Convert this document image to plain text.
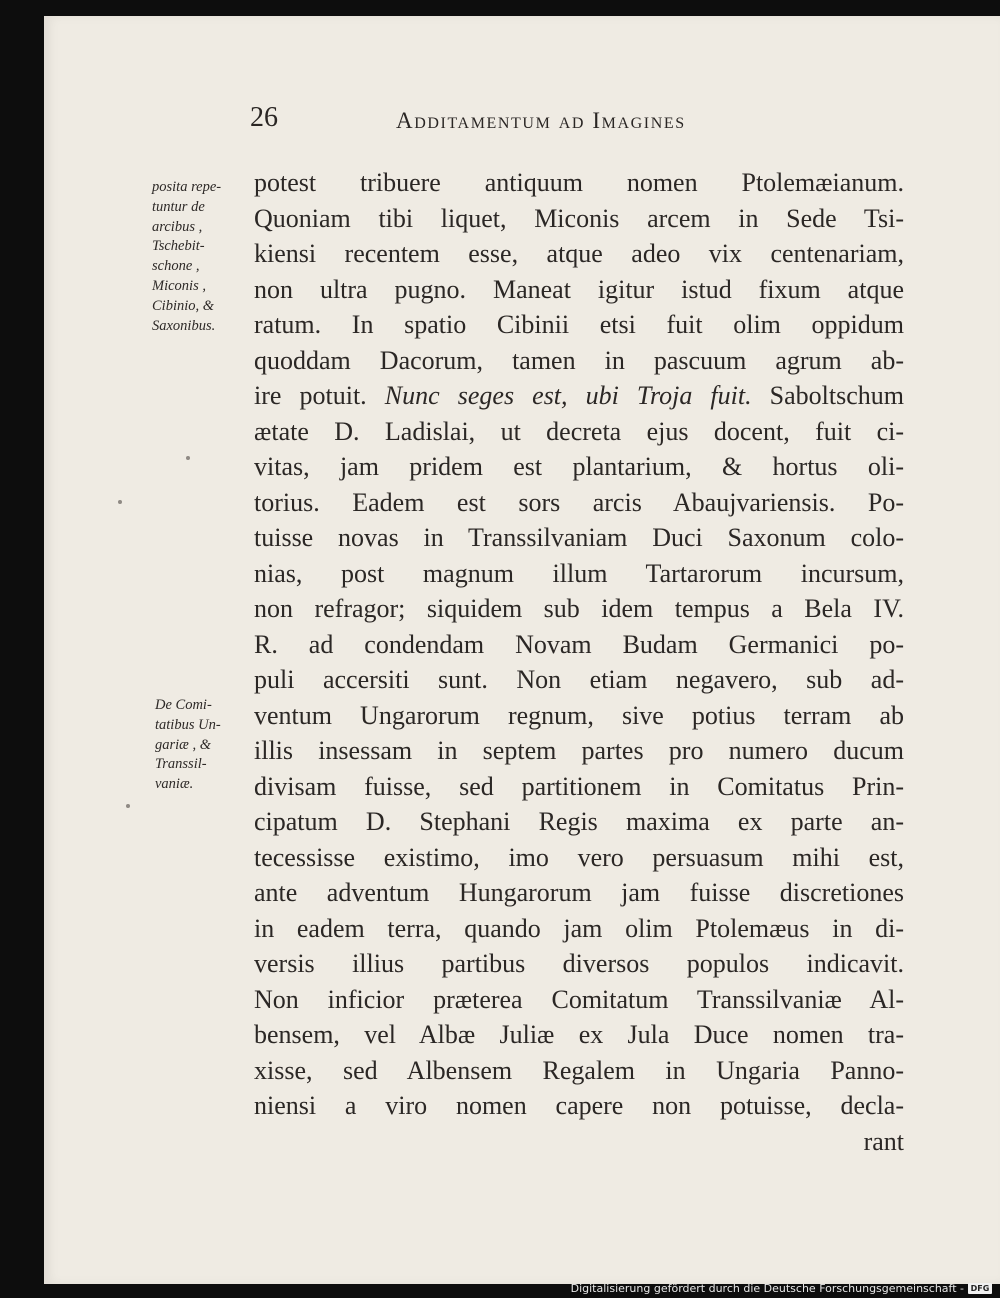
26	Additamentum ad Imagines
posita repe-
tuntur de
arcibus ,
Tschebit-
schone ,
Miconis ,
Cibinio, &
Saxonibus.
De Comi-
tatibus Un-
gariæ , &
Transsil-
vaniæ.
potest tribuere antiquum nomen Ptolemæianum.
Quoniam tibi liquet, Miconis arcem in Sede Tsi-
kiensi recentem esse, atque adeo vix centenariam,
non ultra pugno. Maneat igitur istud fixum atque
ratum. In spatio Cibinii etsi fuit olim oppidum
quoddam Dacorum, tamen in pascuum agrum ab-
ire potuit. Nunc seges est, ubi Troja fuit. Saboltschum
ætate D. Ladislai, ut decreta ejus docent, fuit ci-
vitas, jam pridem est plantarium, & hortus oli-
torius. Eadem est sors arcis Abaujvariensis. Po-
tuisse novas in Transsilvaniam Duci Saxonum colo-
nias, post magnum illum Tartarorum incursum,
non refragor; siquidem sub idem tempus a Bela IV.
R. ad condendam Novam Budam Germanici po-
puli accersiti sunt. Non etiam negavero, sub ad-
ventum Ungarorum regnum, sive potius terram ab
illis insessam in septem partes pro numero ducum
divisam fuisse, sed partitionem in Comitatus Prin-
cipatum D. Stephani Regis maxima ex parte an-
tecessisse existimo, imo vero persuasum mihi est,
ante adventum Hungarorum jam fuisse discretiones
in eadem terra, quando jam olim Ptolemæus in di-
versis illius partibus diversos populos indicavit.
Non inficior præterea Comitatum Transsilvaniæ Al-
bensem, vel Albæ Juliæ ex Jula Duce nomen tra-
xisse, sed Albensem Regalem in Ungaria Panno-
niensi a viro nomen capere non potuisse, decla-
rant
Digitalisierung gefördert durch die Deutsche Forschungsgemeinschaft - DFG
